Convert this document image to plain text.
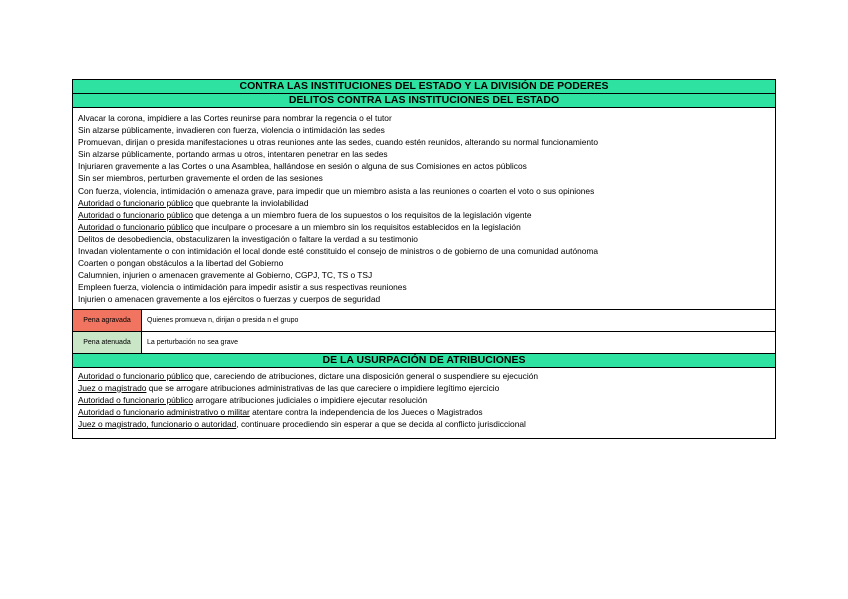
CONTRA LAS INSTITUCIONES DEL ESTADO Y LA DIVISIÓN DE PODERES
DELITOS CONTRA LAS INSTITUCIONES DEL ESTADO
Alvacar la corona, impidiere a las Cortes reunirse para nombrar la regencia o el tutor
Sin alzarse públicamente, invadieren con fuerza, violencia o intimidación las sedes
Promuevan, dirijan o presida manifestaciones u otras reuniones ante las sedes, cuando estén reunidos, alterando su normal funcionamiento
Sin alzarse públicamente, portando armas u otros, intentaren penetrar en las sedes
Injuriaren gravemente a las Cortes o una Asamblea, hallándose en sesión o alguna de sus Comisiones en actos públicos
Sin ser miembros, perturben gravemente el orden de las sesiones
Con fuerza, violencia, intimidación o amenaza grave, para impedir que un miembro asista a las reuniones o coarten el voto o sus opiniones
Autoridad o funcionario público que quebrante la inviolabilidad
Autoridad o funcionario público que detenga a un miembro fuera de los supuestos o los requisitos de la legislación vigente
Autoridad o funcionario público que inculpare o procesare a un miembro sin los requisitos establecidos en la legislación
Delitos de desobediencia, obstaculizaren la investigación o faltare la verdad a su testimonio
Invadan violentamente o con intimidación el local donde esté constituido el consejo de ministros o de gobierno de una comunidad autónoma
Coarten o pongan obstáculos a la libertad del Gobierno
Calumnien, injurien o amenacen gravemente al Gobierno, CGPJ, TC, TS o TSJ
Empleen fuerza, violencia o intimidación para impedir asistir a sus respectivas reuniones
Injurien o amenacen gravemente a los ejércitos o fuerzas y cuerpos de seguridad
Pena agravada	Quienes promueva n, dirijan o presida n el grupo
Pena atenuada	La perturbación no sea grave
DE LA USURPACIÓN DE ATRIBUCIONES
Autoridad o funcionario público que, careciendo de atribuciones, dictare una disposición general o suspendiere su ejecución
Juez o magistrado que se arrogare atribuciones administrativas de las que careciere o impidiere legítimo ejercicio
Autoridad o funcionario público arrogare atribuciones judiciales o impidiere ejecutar resolución
Autoridad o funcionario administrativo o militar atentare contra la independencia de los Jueces o Magistrados
Juez o magistrado, funcionario o autoridad, continuare procediendo sin esperar a que se decida al conflicto jurisdiccional
